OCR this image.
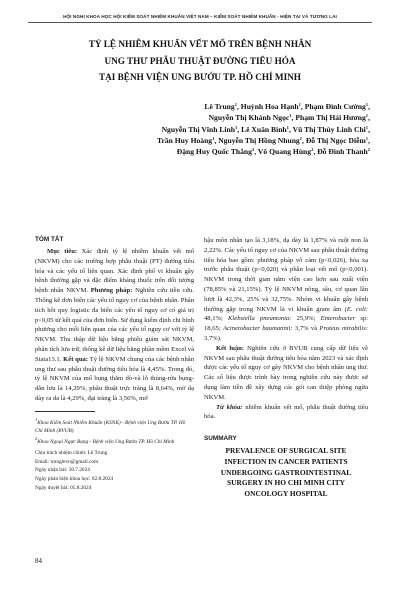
HỘI NGHỊ KHOA HỌC HỘI KIỂM SOÁT NHIỄM KHUẨN VIỆT NAM – KIỂM SOÁT NHIỄM KHUẨN - HIỆN TẠI VÀ TƯƠNG LAI
TỶ LỆ NHIỄM KHUẨN VẾT MỔ TRÊN BỆNH NHÂN
UNG THƯ PHẪU THUẬT ĐƯỜNG TIÊU HÓA
TẠI BỆNH VIỆN UNG BƯỚU TP. HỒ CHÍ MINH
Lê Trung$^1$, Huỳnh Hoa Hạnh$^1$, Phạm Đình Cường$^1$,
Nguyễn Thị Khánh Ngọc$^1$, Phạm Thị Hải Hương$^1$,
Nguyễn Thị Vĩnh Linh$^1$, Lê Xuân Bình$^1$, Vũ Thị Thùy Linh Chi$^1$,
Trần Huy Hoàng$^1$, Nguyễn Thị Hồng Nhung$^1$, Đỗ Thị Ngọc Diễm$^1$,
Đặng Huy Quốc Thắng$^2$, Võ Quang Hùng$^2$, Đỗ Đình Thanh$^2$
TÓM TẮT
Mục tiêu: Xác định tỷ lệ nhiễm khuẩn vết mổ (NKVM) cho các trường hợp phẫu thuật (PT) đường tiêu hóa và các yếu tố liên quan. Xác định phổ vi khuẩn gây bệnh thường gặp và đặc điểm kháng thuốc trên đối tượng bệnh nhân NKVM. Phương pháp: Nghiên cứu tiền cứu. Thống kê đơn biến các yếu tố nguy cơ của bệnh nhân. Phân tích hồi quy logistic đa biến các yếu tố nguy cơ có giá trị p<0,05 từ kết quả của đơn biến. Sử dụng kiểm định chi bình phương cho mối liên quan của các yếu tố nguy cơ với tỷ lệ NKVM. Thu thập dữ liệu bằng phiếu giám sát NKVM, phân tích lưu trữ, thống kê dữ liệu bằng phần mềm Excel và Stata13.1. Kết quả: Tỷ lệ NKVM chung của các bệnh nhân ung thư sau phẫu thuật đường tiêu hóa là 4,45%. Trong đó, tỷ lệ NKVM của mổ bụng thăm dò-và lỗ thủng-rửa bụng-dẫn lưu là 14,29%, phẫu thuật trực tràng là 8,64%, mở dạ dày ra da là 4,29%, đại tràng là 3,56%, mở
$^1$Khoa Kiểm Soát Nhiễm Khuẩn (KSNK) - Bệnh viện Ung Bướu TP. Hồ Chí Minh (BVUB)
$^2$Khoa Ngoại Ngực Bụng - Bệnh viện Ung Bướu TP. Hồ Chí Minh
Chịu trách nhiệm chính: Lê Trung
Email: trunglevn@gmail.com
Ngày nhận bài: 30.7.2024
Ngày phản biện khoa học: 02.8.2024
Ngày duyệt bài: 05.8.2024
hậu môn nhân tạo là 3,18%, dạ dày là 1,87% và ruột non là 2,22%. Các yếu tố nguy cơ của NKVM sau phẫu thuật đường tiêu hóa bao gồm: phương pháp vô cảm (p<0,026), hóa xạ trước phẫu thuật (p<0,020) và phân loại vết mổ (p<0,001). NKVM trong thời gian nằm viện cao hơn sau xuất viện (78,85% và 21,15%). Tỷ lệ NKVM nông, sâu, cơ quan lần lượt là 42,3%, 25% và 32,75%. Nhóm vi khuẩn gây bệnh thường gặp trong NKVM là vi khuẩn gram âm (E. coli: 48,1%; Klebsiella pneumonia: 25,9%; Enterobacter sp: 18,65; Acinetobacter baumannii: 3,7% và Proteus mirabilis: 3,7%).
Kết luận: Nghiên cứu ở BVUB cung cấp dữ liệu về NKVM sau phẫu thuật đường tiêu hóa năm 2023 và xác định được các yếu tố nguy cơ gây NKVM cho bệnh nhân ung thư. Các số liệu được trình bày trong nghiên cứu này được sử dụng làm tiền đề xây dựng các gói can thiệp phòng ngừa NKVM.
Từ khóa: nhiễm khuẩn vết mổ, phẫu thuật đường tiêu hóa.
SUMMARY
PREVALENCE OF SURGICAL SITE
INFECTION IN CANCER PATIENTS
UNDERGOING GASTROINTESTINAL
SURGERY IN HO CHI MINH CITY
ONCOLOGY HOSPITAL
84
